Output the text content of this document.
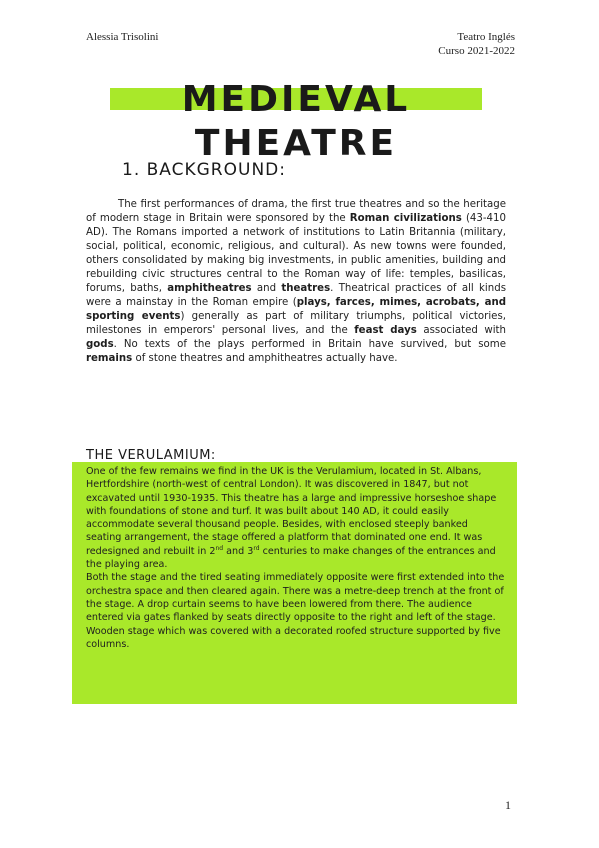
Alessia Trisolini	Teatro Inglés
Curso 2021-2022
MEDIEVAL THEATRE
1. BACKGROUND:

The first performances of drama, the first true theatres and so the heritage of modern stage in Britain were sponsored by the Roman civilizations (43-410 AD). The Romans imported a network of institutions to Latin Britannia (military, social, political, economic, religious, and cultural). As new towns were founded, others consolidated by making big investments, in public amenities, building and rebuilding civic structures central to the Roman way of life: temples, basilicas, forums, baths, amphitheatres and theatres. Theatrical practices of all kinds were a mainstay in the Roman empire (plays, farces, mimes, acrobats, and sporting events) generally as part of military triumphs, political victories, milestones in emperors' personal lives, and the feast days associated with gods. No texts of the plays performed in Britain have survived, but some remains of stone theatres and amphitheatres actually have.

THE VERULAMIUM:

One of the few remains we find in the UK is the Verulamium, located in St. Albans, Hertfordshire (north-west of central London). It was discovered in 1847, but not excavated until 1930-1935. This theatre has a large and impressive horseshoe shape with foundations of stone and turf. It was built about 140 AD, it could easily accommodate several thousand people. Besides, with enclosed steeply banked seating arrangement, the stage offered a platform that dominated one end. It was redesigned and rebuilt in 2nd and 3rd centuries to make changes of the entrances and the playing area.

Both the stage and the tired seating immediately opposite were first extended into the orchestra space and then cleared again. There was a metre-deep trench at the front of the stage. A drop curtain seems to have been lowered from there. The audience entered via gates flanked by seats directly opposite to the right and left of the stage. Wooden stage which was covered with a decorated roofed structure supported by five columns.

1
